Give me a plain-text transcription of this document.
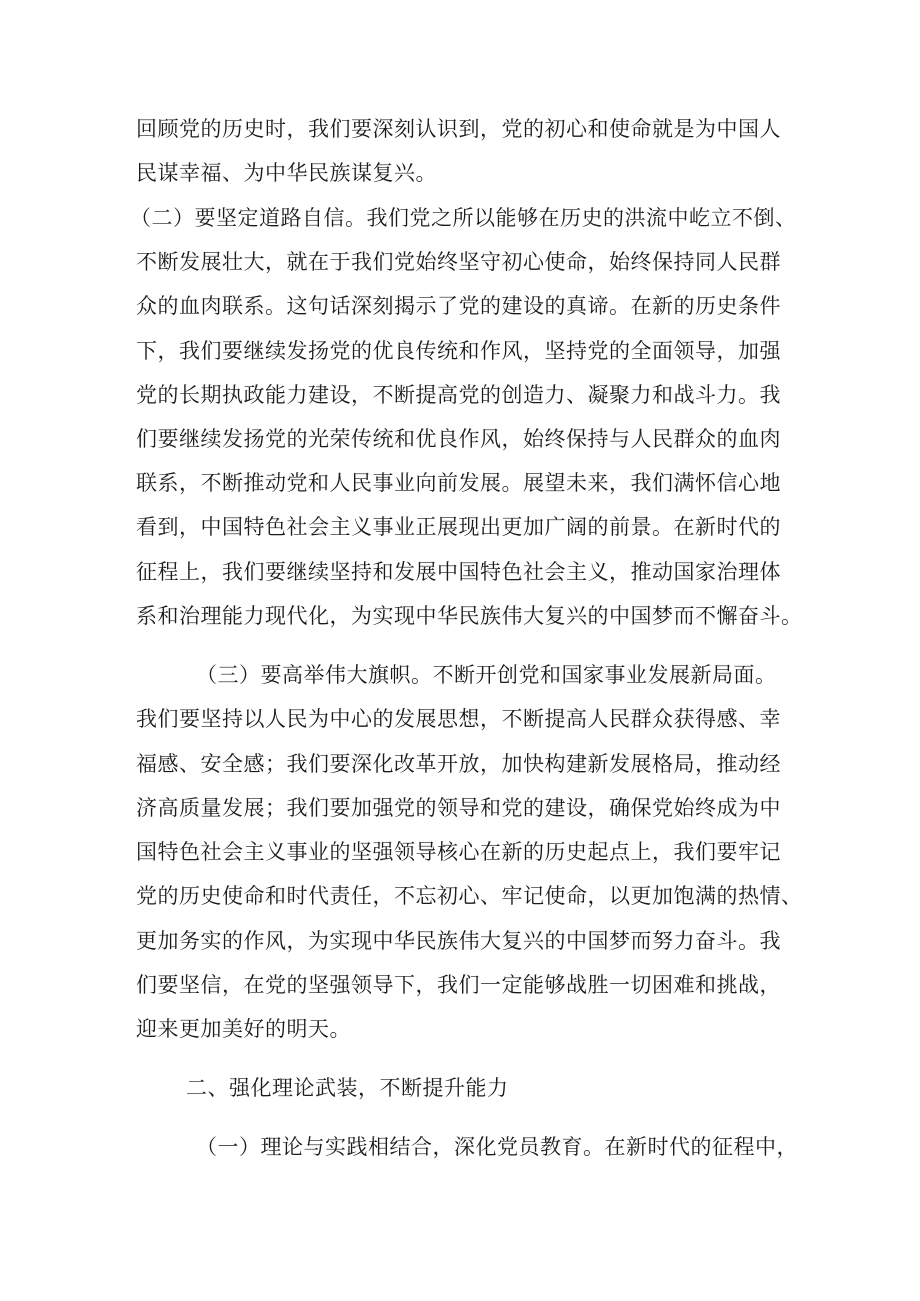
回顾党的历史时，我们要深刻认识到，党的初心和使命就是为中国人
民谋幸福、为中华民族谋复兴。
（二）要坚定道路自信。我们党之所以能够在历史的洪流中屹立不倒、
不断发展壮大，就在于我们党始终坚守初心使命，始终保持同人民群
众的血肉联系。这句话深刻揭示了党的建设的真谛。在新的历史条件
下，我们要继续发扬党的优良传统和作风，坚持党的全面领导，加强
党的长期执政能力建设，不断提高党的创造力、凝聚力和战斗力。我
们要继续发扬党的光荣传统和优良作风，始终保持与人民群众的血肉
联系，不断推动党和人民事业向前发展。展望未来，我们满怀信心地
看到，中国特色社会主义事业正展现出更加广阔的前景。在新时代的
征程上，我们要继续坚持和发展中国特色社会主义，推动国家治理体
系和治理能力现代化，为实现中华民族伟大复兴的中国梦而不懈奋斗。
（三）要高举伟大旗帜。不断开创党和国家事业发展新局面。
我们要坚持以人民为中心的发展思想，不断提高人民群众获得感、幸
福感、安全感；我们要深化改革开放，加快构建新发展格局，推动经
济高质量发展；我们要加强党的领导和党的建设，确保党始终成为中
国特色社会主义事业的坚强领导核心在新的历史起点上，我们要牢记
党的历史使命和时代责任，不忘初心、牢记使命，以更加饱满的热情、
更加务实的作风，为实现中华民族伟大复兴的中国梦而努力奋斗。我
们要坚信，在党的坚强领导下，我们一定能够战胜一切困难和挑战，
迎来更加美好的明天。
二、强化理论武装，不断提升能力
（一）理论与实践相结合，深化党员教育。在新时代的征程中，
